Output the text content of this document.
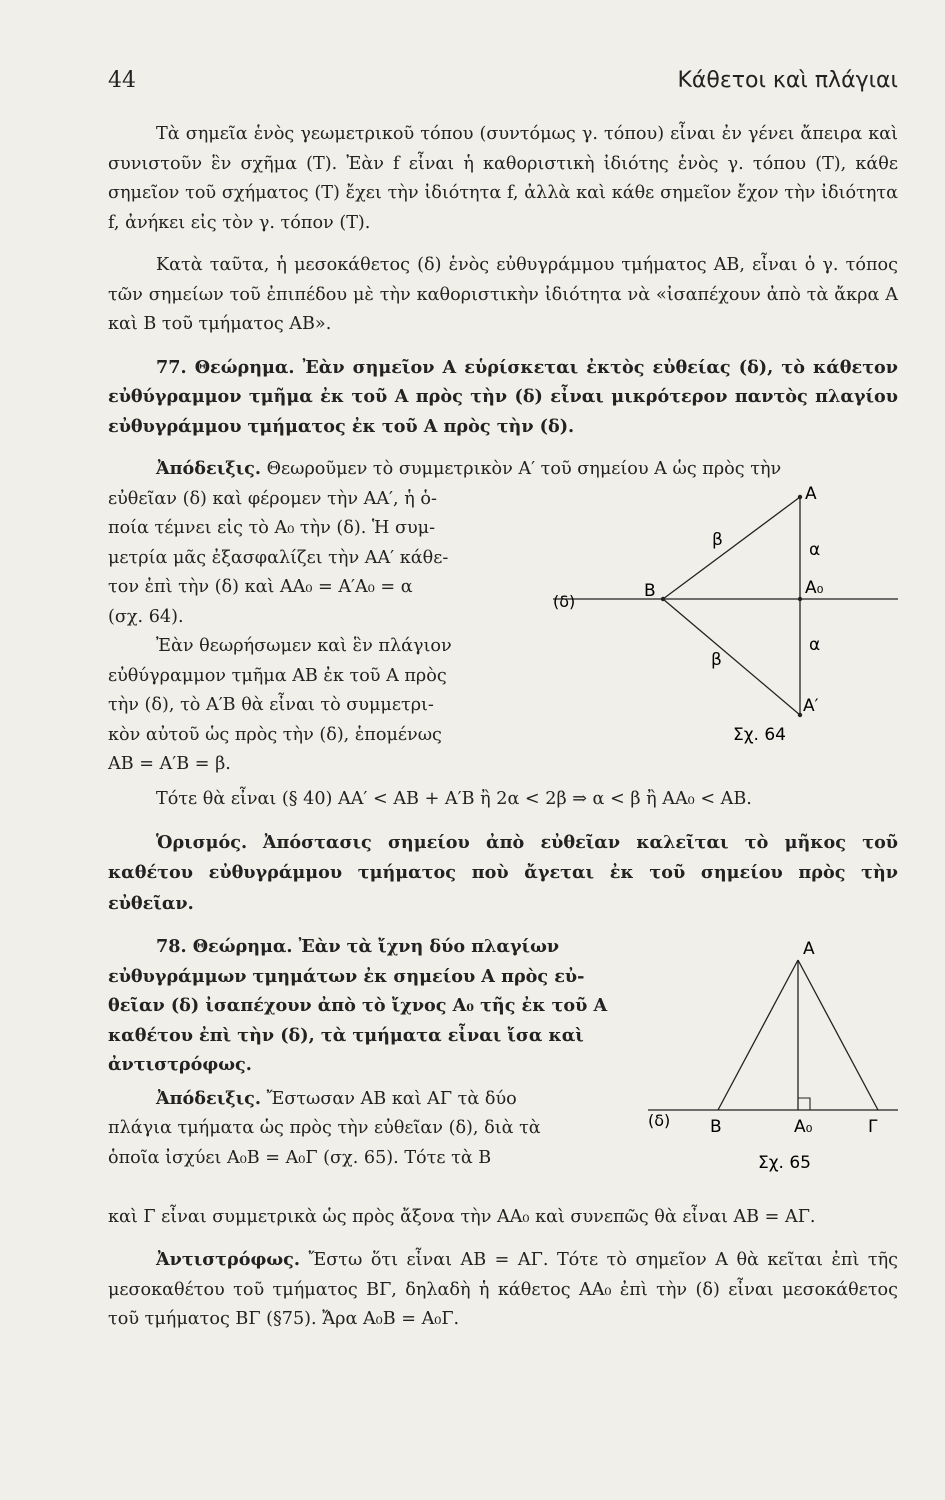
44	Κάθετοι καὶ πλάγιαι

Τὰ σημεῖα ἑνὸς γεωμετρικοῦ τόπου (συντόμως γ. τόπου) εἶναι ἐν γένει ἄπειρα καὶ συνιστοῦν ἓν σχῆμα (Τ). Ἐὰν f εἶναι ἡ καθοριστικὴ ἰδιότης ἑνὸς γ. τόπου (Τ), κάθε σημεῖον τοῦ σχήματος (Τ) ἔχει τὴν ἰδιότητα f, ἀλλὰ καὶ κάθε σημεῖον ἔχον τὴν ἰδιότητα f, ἀνήκει εἰς τὸν γ. τόπον (Τ).

Κατὰ ταῦτα, ἡ μεσοκάθετος (δ) ἑνὸς εὐθυγράμμου τμήματος ΑΒ, εἶναι ὁ γ. τόπος τῶν σημείων τοῦ ἐπιπέδου μὲ τὴν καθοριστικὴν ἰδιότητα νὰ «ἰσαπέχουν ἀπὸ τὰ ἄκρα Α καὶ Β τοῦ τμήματος ΑΒ».

77. Θεώρημα. Ἐὰν σημεῖον Α εὑρίσκεται ἐκτὸς εὐθείας (δ), τὸ κάθετον εὐθύγραμμον τμῆμα ἐκ τοῦ Α πρὸς τὴν (δ) εἶναι μικρότερον παντὸς πλαγίου εὐθυγράμμου τμήματος ἐκ τοῦ Α πρὸς τὴν (δ).

Ἀπόδειξις. Θεωροῦμεν τὸ συμμετρικὸν Α′ τοῦ σημείου Α ὡς πρὸς τὴν

εὐθεῖαν (δ) καὶ φέρομεν τὴν ΑΑ′, ἡ ὁ-
ποία τέμνει εἰς τὸ Α₀ τὴν (δ). Ἡ συμ-
μετρία μᾶς ἐξασφαλίζει τὴν ΑΑ′ κάθε-
τον ἐπὶ τὴν (δ) καὶ ΑΑ₀ = Α′Α₀ = α
(σχ. 64).
Ἐὰν θεωρήσωμεν καὶ ἓν πλάγιον
εὐθύγραμμον τμῆμα ΑΒ ἐκ τοῦ Α πρὸς
τὴν (δ), τὸ Α′Β θὰ εἶναι τὸ συμμετρι-
κὸν αὐτοῦ ὡς πρὸς τὴν (δ), ἑπομένως
ΑΒ = Α′Β = β.
A
A₀
A′
B
β
β
α
α
(δ)
Σχ. 64

Τότε θὰ εἶναι (§ 40) ΑΑ′ < ΑΒ + Α′Β ἢ 2α < 2β ⇒ α < β ἢ ΑΑ₀ < ΑΒ.

Ὁρισμός. Ἀπόστασις σημείου ἀπὸ εὐθεῖαν καλεῖται τὸ μῆκος τοῦ καθέτου εὐθυγράμμου τμήματος ποὺ ἄγεται ἐκ τοῦ σημείου πρὸς τὴν εὐθεῖαν.

78. Θεώρημα. Ἐὰν τὰ ἴχνη δύο πλαγίων
εὐθυγράμμων τμημάτων ἐκ σημείου Α πρὸς εὐ-
θεῖαν (δ) ἰσαπέχουν ἀπὸ τὸ ἴχνος Α₀ τῆς ἐκ τοῦ Α
καθέτου ἐπὶ τὴν (δ), τὰ τμήματα εἶναι ἴσα καὶ
ἀντιστρόφως.
Ἀπόδειξις. Ἔστωσαν ΑΒ καὶ ΑΓ τὰ δύο
πλάγια τμήματα ὡς πρὸς τὴν εὐθεῖαν (δ), διὰ τὰ
ὁποῖα ἰσχύει Α₀Β = Α₀Γ (σχ. 65). Τότε τὰ Β
A
B	A₀	Γ
(δ)
Σχ. 65

καὶ Γ εἶναι συμμετρικὰ ὡς πρὸς ἄξονα τὴν ΑΑ₀ καὶ συνεπῶς θὰ εἶναι ΑΒ = ΑΓ.

Ἀντιστρόφως. Ἔστω ὅτι εἶναι ΑΒ = ΑΓ. Τότε τὸ σημεῖον Α θὰ κεῖται ἐπὶ τῆς μεσοκαθέτου τοῦ τμήματος ΒΓ, δηλαδὴ ἡ κάθετος ΑΑ₀ ἐπὶ τὴν (δ) εἶναι μεσοκάθετος τοῦ τμήματος ΒΓ (§75). Ἄρα Α₀Β = Α₀Γ.
